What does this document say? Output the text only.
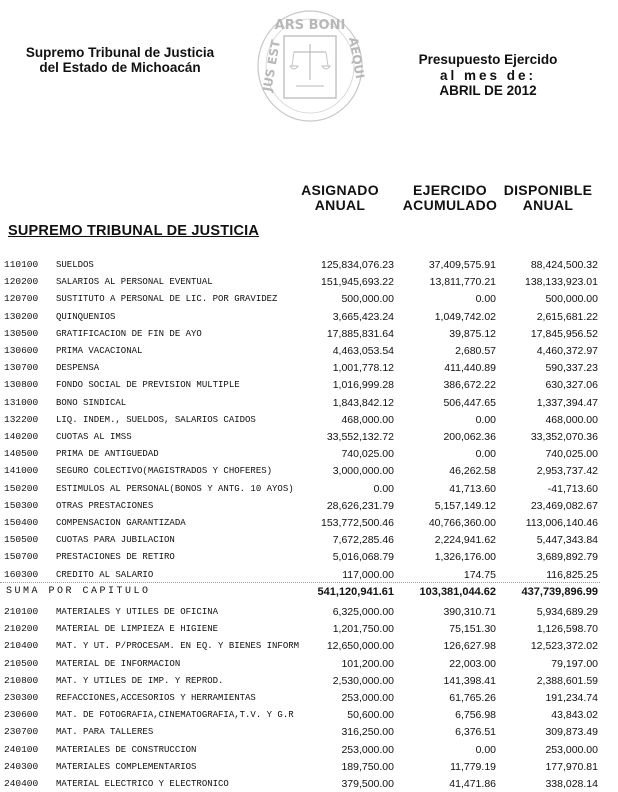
Supremo Tribunal de Justicia
del Estado de Michoacán
ARS BONI
JUS EST	AEQUI	Presupuesto Ejercido
al mes de:
ABRIL DE 2012
ASIGNADO
ANUAL
EJERCIDO
ACUMULADO
DISPONIBLE
ANUAL
SUPREMO TRIBUNAL DE JUSTICIA
110100 SUELDOS	125,834,076.23	37,409,575.91	88,424,500.32
120200 SALARIOS AL PERSONAL EVENTUAL	151,945,693.22	13,811,770.21	138,133,923.01
120700 SUSTITUTO A PERSONAL DE LIC. POR GRAVIDEZ	500,000.00	0.00	500,000.00
130200 QUINQUENIOS	3,665,423.24	1,049,742.02	2,615,681.22
130500 GRATIFICACION DE FIN DE AYO	17,885,831.64	39,875.12	17,845,956.52
130600 PRIMA VACACIONAL	4,463,053.54	2,680.57	4,460,372.97
130700 DESPENSA	1,001,778.12	411,440.89	590,337.23
130800 FONDO SOCIAL DE PREVISION MULTIPLE	1,016,999.28	386,672.22	630,327.06
131000 BONO SINDICAL	1,843,842.12	506,447.65	1,337,394.47
132200 LIQ. INDEM., SUELDOS, SALARIOS CAIDOS	468,000.00	0.00	468,000.00
140200 CUOTAS AL IMSS	33,552,132.72	200,062.36	33,352,070.36
140500 PRIMA DE ANTIGUEDAD	740,025.00	0.00	740,025.00
141000 SEGURO COLECTIVO(MAGISTRADOS Y CHOFERES)	3,000,000.00	46,262.58	2,953,737.42
150200 ESTIMULOS AL PERSONAL(BONOS Y ANTG. 10 AYOS)	0.00	41,713.60	-41,713.60
150300 OTRAS PRESTACIONES	28,626,231.79	5,157,149.12	23,469,082.67
150400 COMPENSACION GARANTIZADA	153,772,500.46	40,766,360.00	113,006,140.46
150500 CUOTAS PARA JUBILACION	7,672,285.46	2,224,941.62	5,447,343.84
150700 PRESTACIONES DE RETIRO	5,016,068.79	1,326,176.00	3,689,892.79
160300 CREDITO AL SALARIO	117,000.00	174.75	116,825.25
SUMA POR CAPITULO	541,120,941.61 103,381,044.62 437,739,896.99
210100 MATERIALES Y UTILES DE OFICINA	6,325,000.00	390,310.71	5,934,689.29
210200 MATERIAL DE LIMPIEZA E HIGIENE	1,201,750.00	75,151.30	1,126,598.70
210400 MAT. Y UT. P/PROCESAM. EN EQ. Y BIENES INFORM	12,650,000.00	126,627.98	12,523,372.02
210500 MATERIAL DE INFORMACION	101,200.00	22,003.00	79,197.00
210800 MAT. Y UTILES DE IMP. Y REPROD.	2,530,000.00	141,398.41	2,388,601.59
230300 REFACCIONES,ACCESORIOS Y HERRAMIENTAS	253,000.00	61,765.26	191,234.74
230600 MAT. DE FOTOGRAFIA,CINEMATOGRAFIA,T.V. Y G.R	50,600.00	6,756.98	43,843.02
230700 MAT. PARA TALLERES	316,250.00	6,376.51	309,873.49
240100 MATERIALES DE CONSTRUCCION	253,000.00	0.00	253,000.00
240300 MATERIALES COMPLEMENTARIOS	189,750.00	11,779.19	177,970.81
240400 MATERIAL ELECTRICO Y ELECTRONICO	379,500.00	41,471.86	338,028.14
